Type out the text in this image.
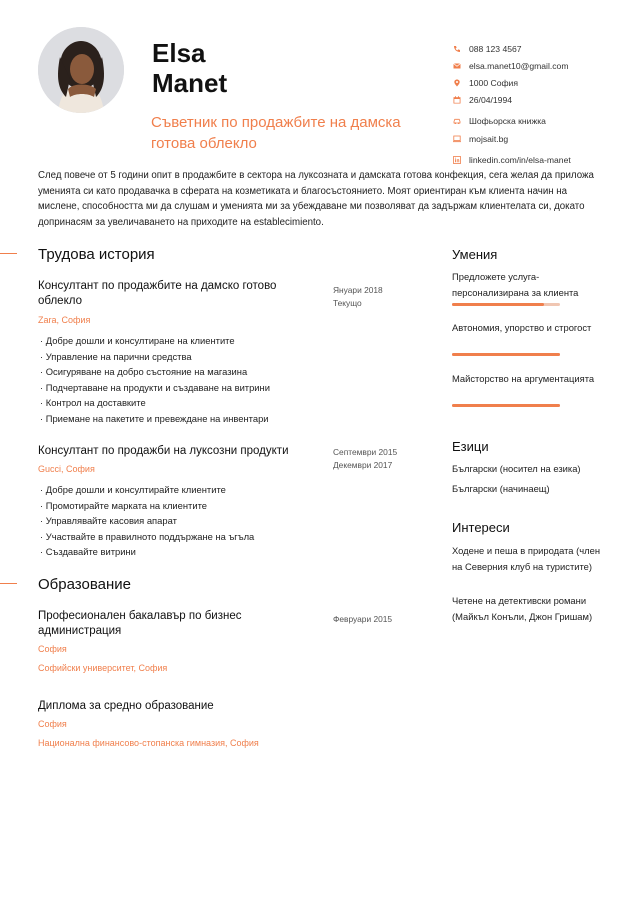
Elsa
Manet
Съветник по продажбите на дамска готова облекло
088 123 4567
elsa.manet10@gmail.com
1000 София
26/04/1994
Шофьорска книжка
mojsait.bg
linkedin.com/in/elsa-manet
След повече от 5 години опит в продажбите в сектора на луксозната и дамската готова конфекция, сега желая да приложа уменията си като продавачка в сферата на козметиката и благосъстоянието. Моят ориентиран към клиента начин на мислене, способността ми да слушам и уменията ми за убеждаване ми позволяват да задържам клиентелата си, докато допринасям за увеличаването на приходите на establecimiento.
Трудова история
Консултант по продажбите на дамско готово облекло
Zara, София
Януари 2018
Текущо
· Добре дошли и консултиране на клиентите
· Управление на парични средства
· Осигуряване на добро състояние на магазина
· Подчертаване на продукти и създаване на витрини
· Контрол на доставките
· Приемане на пакетите и превеждане на инвентари
Консултант по продажби на луксозни продукти
Gucci, София
Септември 2015
Декември 2017
· Добре дошли и консултирайте клиентите
· Промотирайте марката на клиентите
· Управлявайте касовия апарат
· Участвайте в правилното поддържане на ъгъла
· Създавайте витрини
Образование
Професионален бакалавър по бизнес администрация
София
Софийски университет, София
Февруари 2015
Диплома за средно образование
София
Национална финансово-стопанска гимназия, София
Умения
Предложете услуга-персонализирана за клиента
Автономия, упорство и строгост
Майсторство на аргументацията
Езици
Български (носител на езика)
Български (начинаещ)
Интереси
Ходене и пеша в природата (член на Северния клуб на туристите)
Четене на детективски романи (Майкъл Конъли, Джон Гришам)
